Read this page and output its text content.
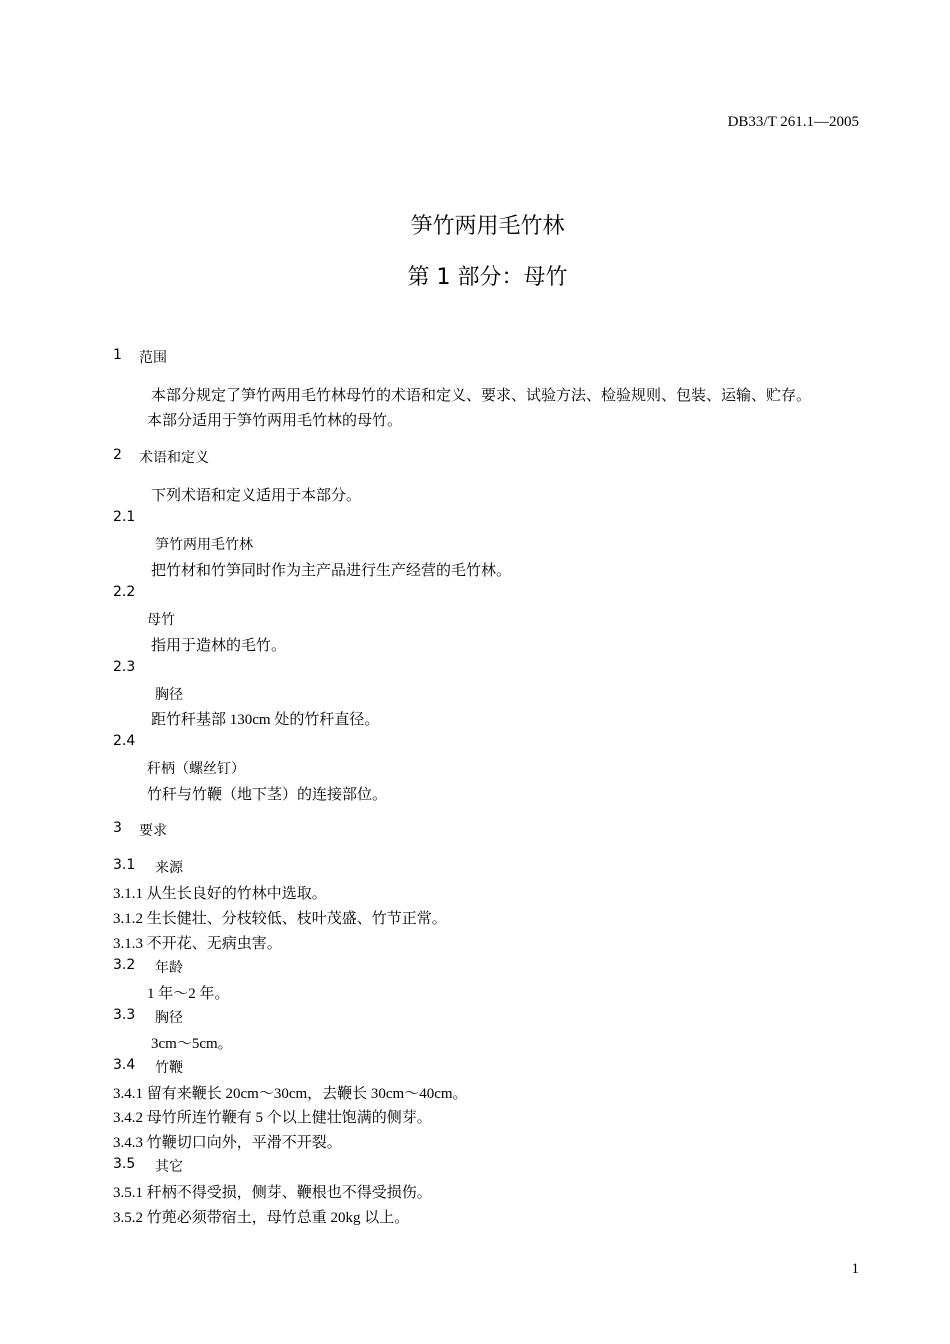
DB33/T 261.1—2005
笋竹两用毛竹林
第 1 部分：母竹
1 范围
本部分规定了笋竹两用毛竹林母竹的术语和定义、要求、试验方法、检验规则、包装、运输、贮存。
本部分适用于笋竹两用毛竹林的母竹。
2 术语和定义
下列术语和定义适用于本部分。
2.1
笋竹两用毛竹林
把竹材和竹笋同时作为主产品进行生产经营的毛竹林。
2.2
母竹
指用于造林的毛竹。
2.3
胸径
距竹秆基部 130cm 处的竹秆直径。
2.4
秆柄（螺丝钉）
竹秆与竹鞭（地下茎）的连接部位。
3 要求
3.1 来源
3.1.1 从生长良好的竹林中选取。
3.1.2 生长健壮、分枝较低、枝叶茂盛、竹节正常。
3.1.3 不开花、无病虫害。
3.2 年龄
1 年～2 年。
3.3 胸径
3cm～5cm。
3.4 竹鞭
3.4.1 留有来鞭长 20cm～30cm，去鞭长 30cm～40cm。
3.4.2 母竹所连竹鞭有 5 个以上健壮饱满的侧芽。
3.4.3 竹鞭切口向外，平滑不开裂。
3.5 其它
3.5.1 秆柄不得受损，侧芽、鞭根也不得受损伤。
3.5.2 竹蔸必须带宿土，母竹总重 20kg 以上。
1
